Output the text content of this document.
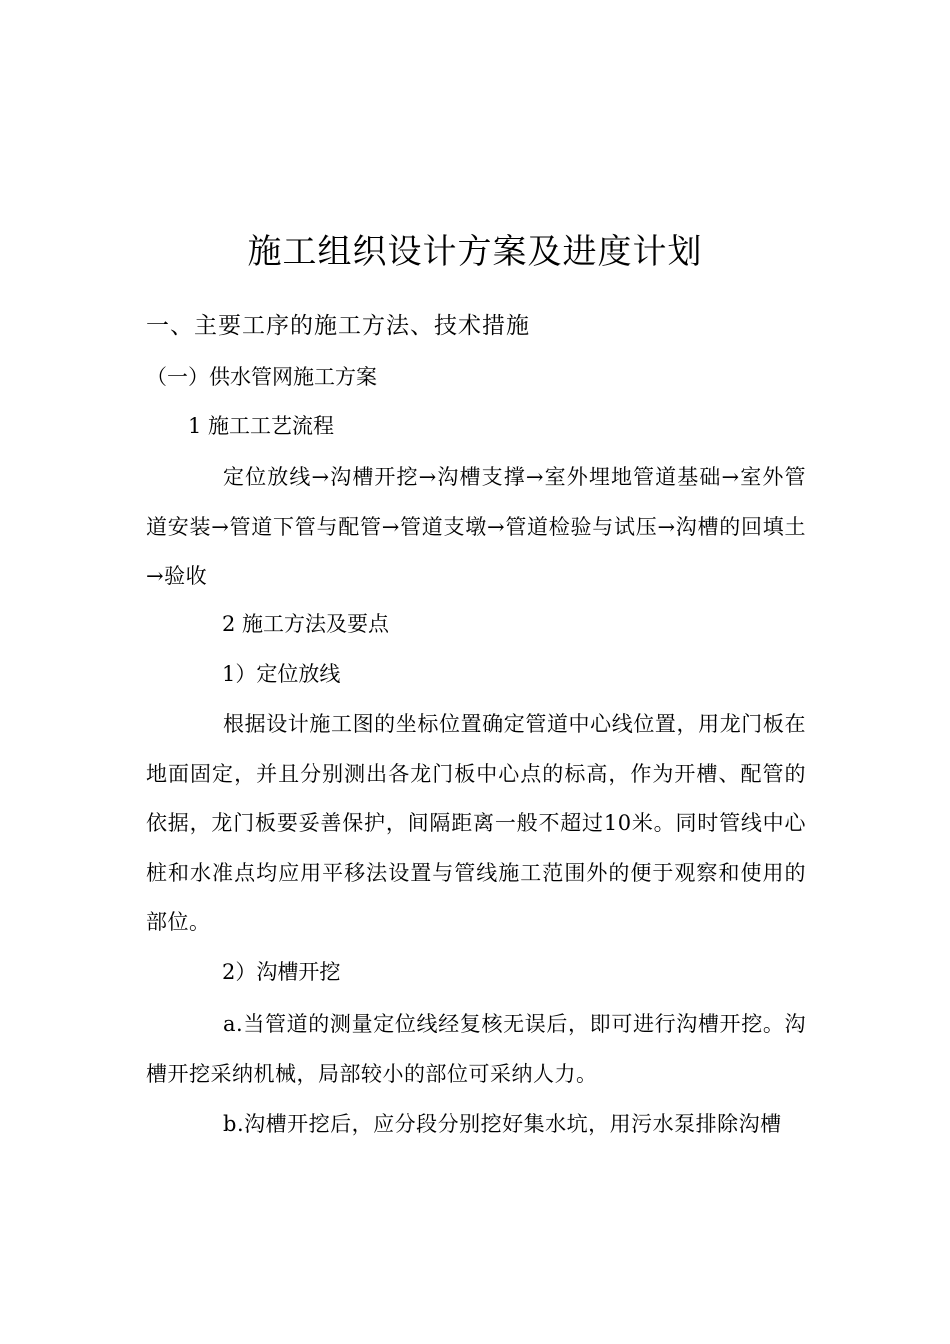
施工组织设计方案及进度计划
一、主要工序的施工方法、技术措施
（一）供水管网施工方案
1 施工工艺流程
定位放线→沟槽开挖→沟槽支撑→室外埋地管道基础→室外管道安装→管道下管与配管→管道支墩→管道检验与试压→沟槽的回填土→验收
2 施工方法及要点
1）定位放线
根据设计施工图的坐标位置确定管道中心线位置，用龙门板在地面固定，并且分别测出各龙门板中心点的标高，作为开槽、配管的依据，龙门板要妥善保护，间隔距离一般不超过10米。同时管线中心桩和水准点均应用平移法设置与管线施工范围外的便于观察和使用的部位。
2）沟槽开挖
a.当管道的测量定位线经复核无误后，即可进行沟槽开挖。沟槽开挖采纳机械，局部较小的部位可采纳人力。
b.沟槽开挖后，应分段分别挖好集水坑，用污水泵排除沟槽
